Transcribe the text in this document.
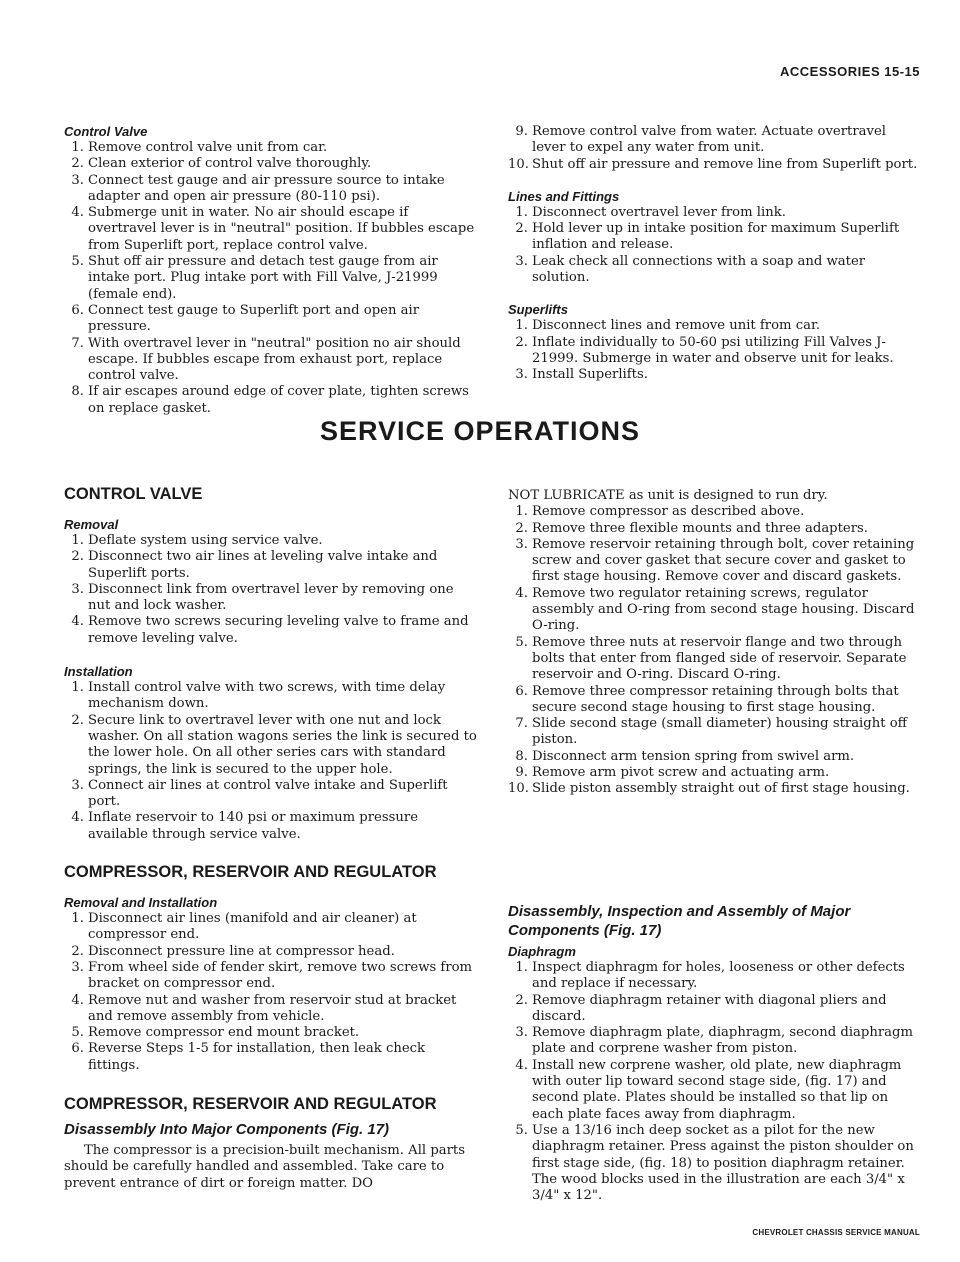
ACCESSORIES 15-15
Control Valve
1 . Remove control valve unit from car.
2 . Clean exterior of control valve thoroughly.
3 . Connect test gauge and air pressure source to intake adapter and open air pressure (80-110 psi).
4 . Submerge unit in water. No air should escape if overtravel lever is in "neutral" position. If bubbles escape from Superlift port, replace control valve.
5 . Shut off air pressure and detach test gauge from air intake port. Plug intake port with Fill Valve, J-21999 (female end).
6 . Connect test gauge to Superlift port and open air pressure.
7 . With overtravel lever in "neutral" position no air should escape. If bubbles escape from exhaust port, replace control valve.
8 . If air escapes around edge of cover plate, tighten screws on replace gasket.
9 . Remove control valve from water. Actuate overtravel lever to expel any water from unit.
10 . Shut off air pressure and remove line from Superlift port.
Lines and Fittings
1 . Disconnect overtravel lever from link.
2 . Hold lever up in intake position for maximum Superlift inflation and release.
3 . Leak check all connections with a soap and water solution.
Superlifts
1 . Disconnect lines and remove unit from car.
2 . Inflate individually to 50-60 psi utilizing Fill Valves J-21999. Submerge in water and observe unit for leaks.
3 . Install Superlifts.
SERVICE OPERATIONS
CONTROL VALVE
Removal
1 . Deflate system using service valve.
2 . Disconnect two air lines at leveling valve intake and Superlift ports.
3 . Disconnect link from overtravel lever by removing one nut and lock washer.
4 . Remove two screws securing leveling valve to frame and remove leveling valve.
Installation
1 . Install control valve with two screws, with time delay mechanism down.
2 . Secure link to overtravel lever with one nut and lock washer. On all station wagons series the link is secured to the lower hole. On all other series cars with standard springs, the link is secured to the upper hole.
3 . Connect air lines at control valve intake and Superlift port.
4 . Inflate reservoir to 140 psi or maximum pressure available through service valve.
COMPRESSOR, RESERVOIR AND REGULATOR
Removal and Installation
1 . Disconnect air lines (manifold and air cleaner) at compressor end.
2 . Disconnect pressure line at compressor head.
3 . From wheel side of fender skirt, remove two screws from bracket on compressor end.
4 . Remove nut and washer from reservoir stud at bracket and remove assembly from vehicle.
5 . Remove compressor end mount bracket.
6 . Reverse Steps 1-5 for installation, then leak check fittings.
COMPRESSOR, RESERVOIR AND REGULATOR
Disassembly Into Major Components (Fig. 17)

The compressor is a precision-built mechanism. All parts should be carefully handled and assembled. Take care to prevent entrance of dirt or foreign matter. DO

NOT LUBRICATE as unit is designed to run dry.

1 . Remove compressor as described above.
2 . Remove three flexible mounts and three adapters.
3 . Remove reservoir retaining through bolt, cover retaining screw and cover gasket that secure cover and gasket to first stage housing. Remove cover and discard gaskets.
4 . Remove two regulator retaining screws, regulator assembly and O-ring from second stage housing. Discard O-ring.
5 . Remove three nuts at reservoir flange and two through bolts that enter from flanged side of reservoir. Separate reservoir and O-ring. Discard O-ring.
6 . Remove three compressor retaining through bolts that secure second stage housing to first stage housing.
7 . Slide second stage (small diameter) housing straight off piston.
8 . Disconnect arm tension spring from swivel arm.
9 . Remove arm pivot screw and actuating arm.
10 . Slide piston assembly straight out of first stage housing.
Disassembly, Inspection and Assembly of Major Components (Fig. 17)
Diaphragm
1 . Inspect diaphragm for holes, looseness or other defects and replace if necessary.
2 . Remove diaphragm retainer with diagonal pliers and discard.
3 . Remove diaphragm plate, diaphragm, second diaphragm plate and corprene washer from piston.
4 . Install new corprene washer, old plate, new diaphragm with outer lip toward second stage side, (fig. 17) and second plate. Plates should be installed so that lip on each plate faces away from diaphragm.
5 . Use a 13/16 inch deep socket as a pilot for the new diaphragm retainer. Press against the piston shoulder on first stage side, (fig. 18) to position diaphragm retainer. The wood blocks used in the illustration are each 3/4" x 3/4" x 12".
CHEVROLET CHASSIS SERVICE MANUAL
